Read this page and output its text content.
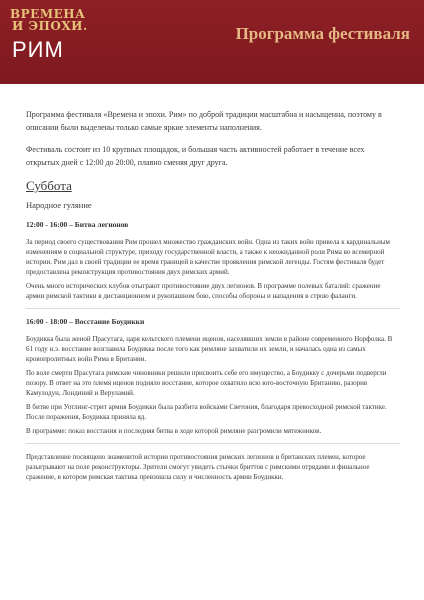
ВРЕМЕНА
И ЭПОХИ.
РИМ
Программа фестиваля

Программа фестиваля «Времена и эпохи. Рим» по доброй традиции масштабна и насыщенна, поэтому в описании были выделены только самые яркие элементы наполнения.

Фестиваль состоит из 10 крупных площадок, и большая часть активностей работает в течение всех открытых дней с 12:00 до 20:00, плавно сменяя друг друга.

Суббота
Народное гуляние
12:00 - 16:00 – Битва легионов

За период своего существования Рим прошел множество гражданских войн. Одна из таких войн привела к кардинальным изменениям в социальной структуре, приходу государственной власти, а также к неожиданной роли Рима во всемирной истории. Рим дал в своей традиции ее время границей в качестве проявления римской легенды. Гостям фестиваля будет предоставлена реконструкция противостояния двух римских армий.

Очень много исторических клубов отыграют противостояние двух легионов. В программе полевых баталий: сражение армии римской тактики в дистанционном и рукопашном бою, способы обороны и нападения в строю фаланги.

16:00 - 18:00 – Восстание Боудикки

Боудикка была женой Прасутага, царя кельтского племени иценов, населявших земли в районе современного Норфолка. В 61 году н.э. восстание возглавила Боудикка после того как римляне захватили их земли, и началась одна из самых кровопролитных войн Рима в Британии.

По воле смерти Прасутага римские чиновники решили присвоить себе его имущество, а Боудикку с дочерьми подвергли позору. В ответ на это племя иценов подняло восстание, которое охватило всю юго-восточную Британию, разорив Камулодун, Лондиний и Веруламий.

В битве при Уотлинг-стрит армия Боудикки была разбита войсками Светония, благодаря превосходной римской тактике. После поражения, Боудикка приняла яд.

В программе: показ восстания и последняя битва в ходе которой римляне разгромили мятежников.

Представление посвящено знаменитой истории противостояния римских легионов и британских племен, которое разыгрывают на поле реконструкторы. Зрители смогут увидеть стычки бриттов с римскими отрядами и финальное сражение, в котором римская тактика превзошла силу и численность армии Боудикки.
